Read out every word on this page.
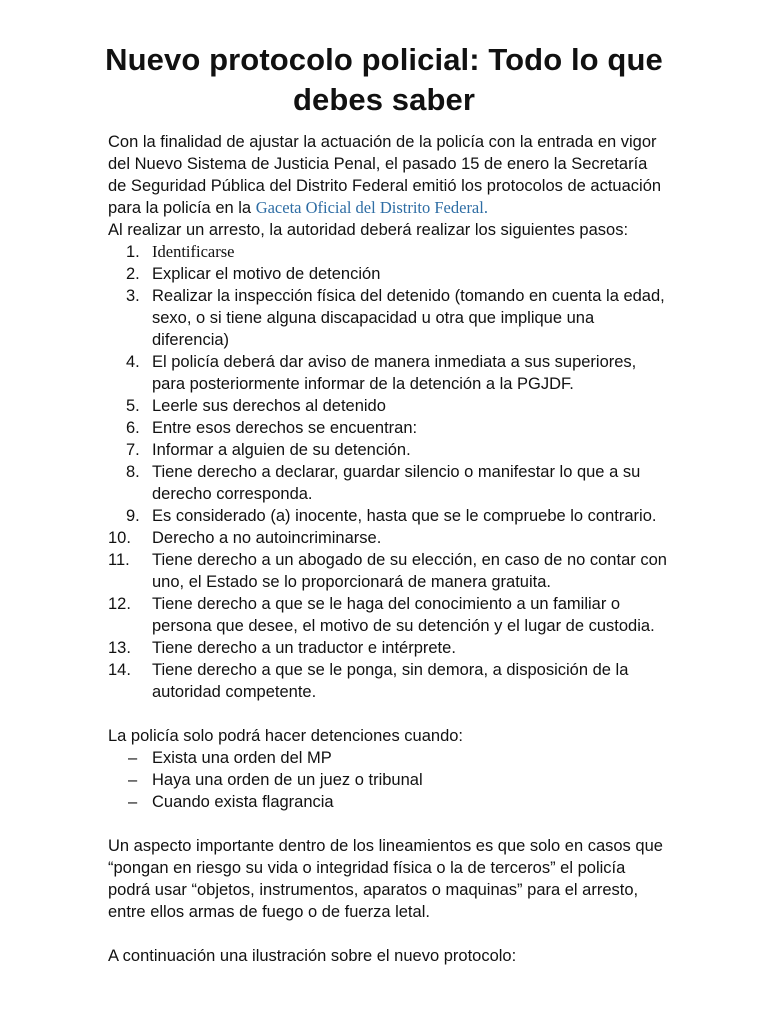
Nuevo protocolo policial: Todo lo que debes saber

Con la finalidad de ajustar la actuación de la policía con la entrada en vigor del Nuevo Sistema de Justicia Penal, el pasado 15 de enero la Secretaría de Seguridad Pública del Distrito Federal emitió los protocolos de actuación para la policía en la Gaceta Oficial del Distrito Federal.

Al realizar un arresto, la autoridad deberá realizar los siguientes pasos:

1. Identificarse
2. Explicar el motivo de detención
3. Realizar la inspección física del detenido (tomando en cuenta la edad, sexo, o si tiene alguna discapacidad u otra que implique una diferencia)
4. El policía deberá dar aviso de manera inmediata a sus superiores, para posteriormente informar de la detención a la PGJDF.
5. Leerle sus derechos al detenido
6. Entre esos derechos se encuentran:
7. Informar a alguien de su detención.
8. Tiene derecho a declarar, guardar silencio o manifestar lo que a su derecho corresponda.
9. Es considerado (a) inocente, hasta que se le compruebe lo contrario.
10. Derecho a no autoincriminarse.
11. Tiene derecho a un abogado de su elección, en caso de no contar con uno, el Estado se lo proporcionará de manera gratuita.
12. Tiene derecho a que se le haga del conocimiento a un familiar o persona que desee, el motivo de su detención y el lugar de custodia.
13. Tiene derecho a un traductor e intérprete.
14. Tiene derecho a que se le ponga, sin demora, a disposición de la autoridad competente.

La policía solo podrá hacer detenciones cuando:

– Exista una orden del MP
– Haya una orden de un juez o tribunal
– Cuando exista flagrancia

Un aspecto importante dentro de los lineamientos es que solo en casos que “pongan en riesgo su vida o integridad física o la de terceros” el policía podrá usar “objetos, instrumentos, aparatos o maquinas” para el arresto, entre ellos armas de fuego o de fuerza letal.

A continuación una ilustración sobre el nuevo protocolo:
